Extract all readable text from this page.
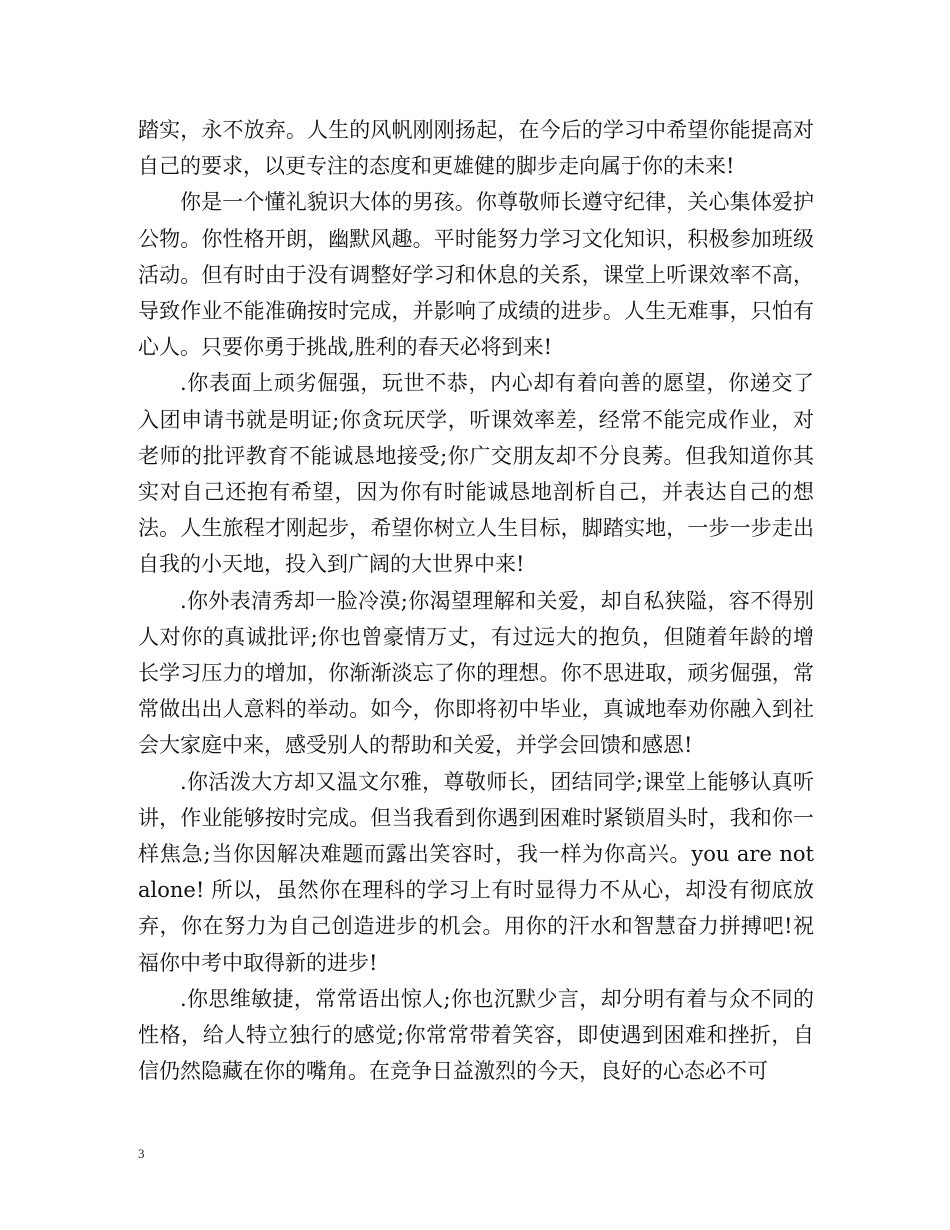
踏实，永不放弃。人生的风帆刚刚扬起，在今后的学习中希望你能提高对自己的要求，以更专注的态度和更雄健的脚步走向属于你的未来!

你是一个懂礼貌识大体的男孩。你尊敬师长遵守纪律，关心集体爱护公物。你性格开朗，幽默风趣。平时能努力学习文化知识，积极参加班级活动。但有时由于没有调整好学习和休息的关系，课堂上听课效率不高，导致作业不能准确按时完成，并影响了成绩的进步。人生无难事，只怕有心人。只要你勇于挑战,胜利的春天必将到来!

.你表面上顽劣倔强，玩世不恭，内心却有着向善的愿望，你递交了入团申请书就是明证;你贪玩厌学，听课效率差，经常不能完成作业，对老师的批评教育不能诚恳地接受;你广交朋友却不分良莠。但我知道你其实对自己还抱有希望，因为你有时能诚恳地剖析自己，并表达自己的想法。人生旅程才刚起步，希望你树立人生目标，脚踏实地，一步一步走出自我的小天地，投入到广阔的大世界中来!

.你外表清秀却一脸冷漠;你渴望理解和关爱，却自私狭隘，容不得别人对你的真诚批评;你也曾豪情万丈，有过远大的抱负，但随着年龄的增长学习压力的增加，你渐渐淡忘了你的理想。你不思进取，顽劣倔强，常常做出出人意料的举动。如今，你即将初中毕业，真诚地奉劝你融入到社会大家庭中来，感受别人的帮助和关爱，并学会回馈和感恩!

.你活泼大方却又温文尔雅，尊敬师长，团结同学;课堂上能够认真听讲，作业能够按时完成。但当我看到你遇到困难时紧锁眉头时，我和你一样焦急;当你因解决难题而露出笑容时，我一样为你高兴。you are not alone! 所以，虽然你在理科的学习上有时显得力不从心，却没有彻底放弃，你在努力为自己创造进步的机会。用你的汗水和智慧奋力拼搏吧!祝福你中考中取得新的进步!

.你思维敏捷，常常语出惊人;你也沉默少言，却分明有着与众不同的性格，给人特立独行的感觉;你常常带着笑容，即使遇到困难和挫折，自信仍然隐藏在你的嘴角。在竞争日益激烈的今天，良好的心态必不可

3
